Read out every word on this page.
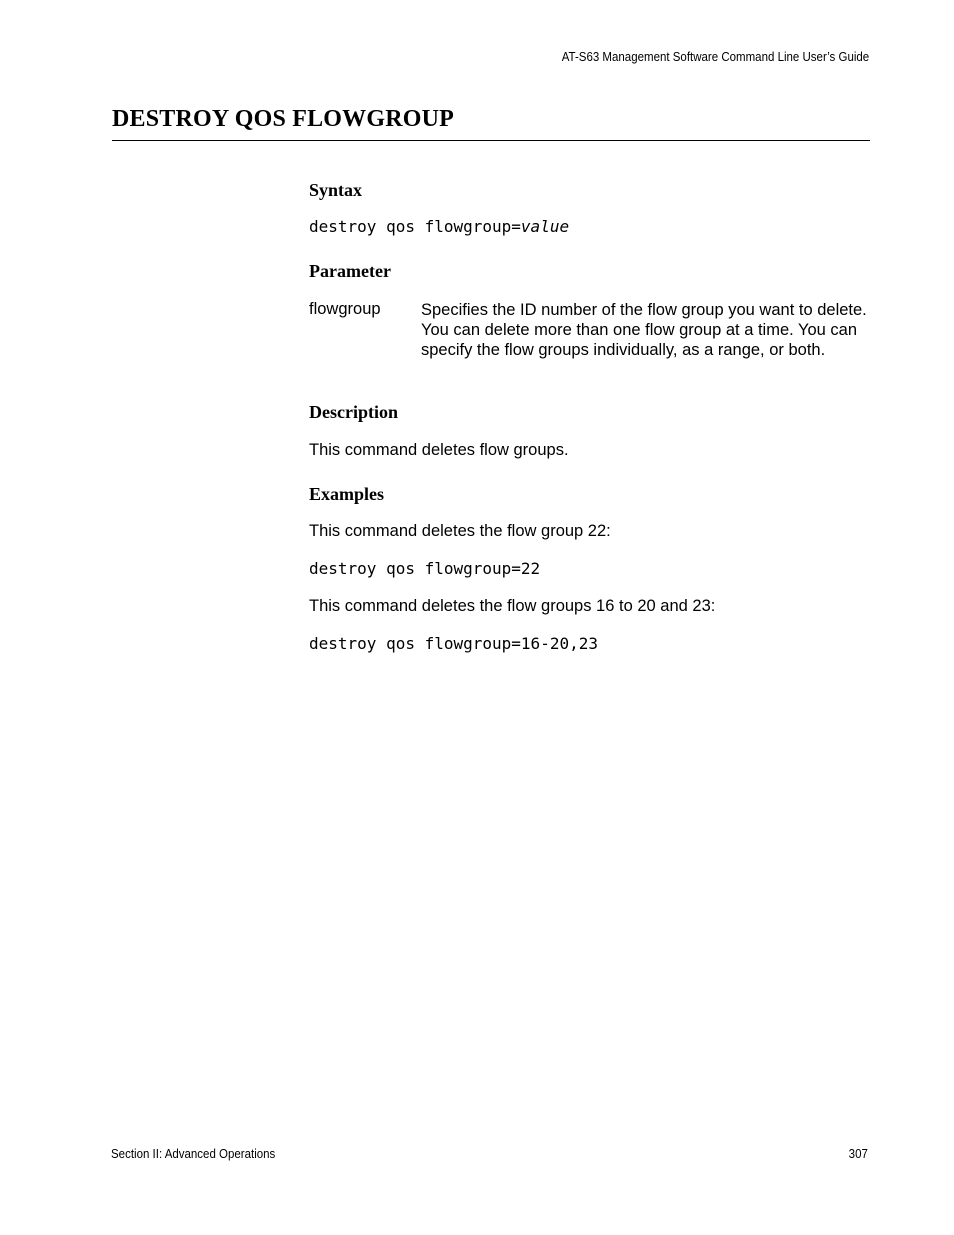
AT-S63 Management Software Command Line User’s Guide
DESTROY QOS FLOWGROUP
Syntax

destroy qos flowgroup=value

Parameter
flowgroup Specifies the ID number of the flow group you want to delete. You can delete more than one flow group at a time. You can specify the flow groups individually, as a range, or both.
Description

This command deletes flow groups.

Examples

This command deletes the flow group 22:

destroy qos flowgroup=22

This command deletes the flow groups 16 to 20 and 23:

destroy qos flowgroup=16-20,23

Section II: Advanced Operations	307
